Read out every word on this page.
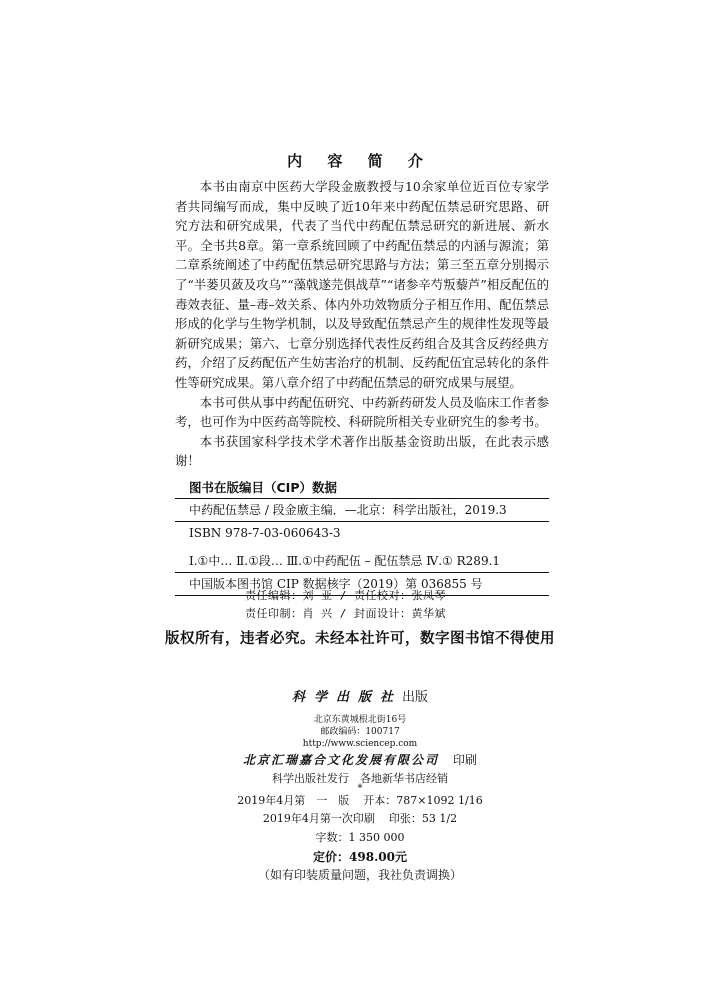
内 容 简 介

本书由南京中医药大学段金廒教授与10余家单位近百位专家学者共同编写而成，集中反映了近10年来中药配伍禁忌研究思路、研究方法和研究成果，代表了当代中药配伍禁忌研究的新进展、新水平。全书共8章。第一章系统回顾了中药配伍禁忌的内涵与源流；第二章系统阐述了中药配伍禁忌研究思路与方法；第三至五章分别揭示了“半蒌贝蔹及攻乌”“藻戟遂芫俱战草”“诸参辛芍叛藜芦”相反配伍的毒效表征、量–毒–效关系、体内外功效物质分子相互作用、配伍禁忌形成的化学与生物学机制，以及导致配伍禁忌产生的规律性发现等最新研究成果；第六、七章分别选择代表性反药组合及其含反药经典方药，介绍了反药配伍产生妨害治疗的机制、反药配伍宜忌转化的条件性等研究成果。第八章介绍了中药配伍禁忌的研究成果与展望。

本书可供从事中药配伍研究、中药新药研发人员及临床工作者参考，也可作为中医药高等院校、科研院所相关专业研究生的参考书。

本书获国家科学技术学术著作出版基金资助出版，在此表示感谢！

图书在版编目（CIP）数据
中药配伍禁忌 / 段金廒主编．—北京：科学出版社，2019.3
ISBN 978-7-03-060643-3
Ⅰ.①中… Ⅱ.①段… Ⅲ.①中药配伍 – 配伍禁忌 Ⅳ.① R289.1
中国版本图书馆 CIP 数据核字（2019）第 036855 号
责任编辑：刘 亚 / 责任校对：张凤琴
责任印制：肖 兴 / 封面设计：黄华斌
版权所有，违者必究。未经本社许可，数字图书馆不得使用
科学出版社出版
北京东黄城根北街16号
邮政编码：100717
http://www.sciencep.com
北京汇瑞嘉合文化发展有限公司 印刷
科学出版社发行　各地新华书店经销
*
2019年4月第　一　版 开本：787×1092 1/16
2019年4月第一次印刷 印张：53 1/2
字数：1 350 000
定价：498.00元
（如有印装质量问题，我社负责调换）
